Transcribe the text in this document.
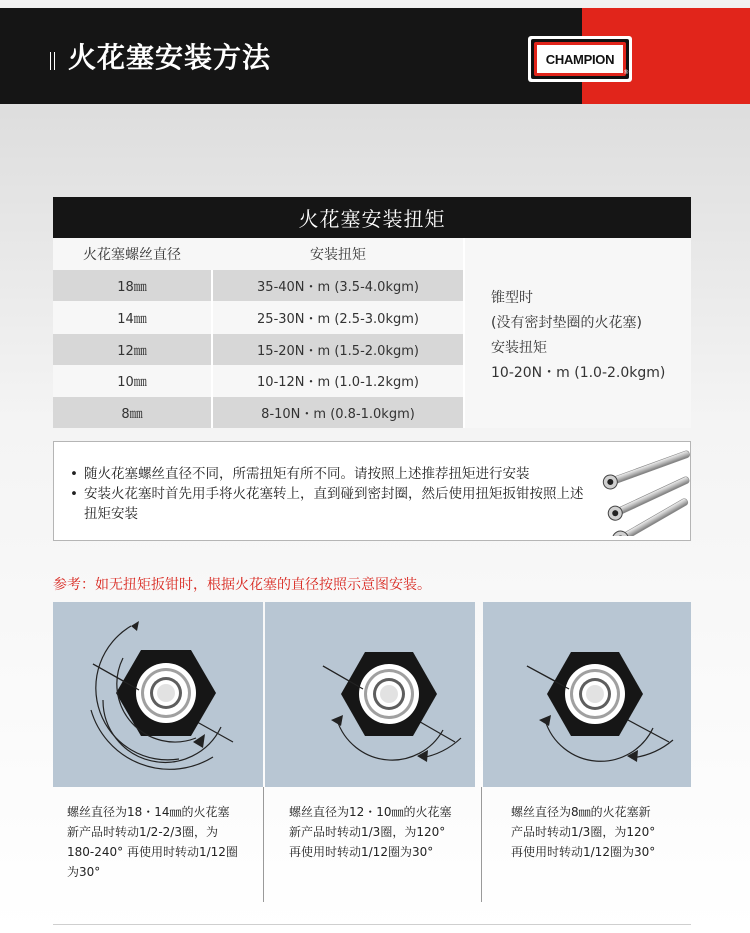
火花塞安装方法	CHAMPION
®
火花塞安装扭矩
火花塞螺丝直径	安装扭矩
18㎜	35-40N・m (3.5-4.0kgm)
14㎜	25-30N・m (2.5-3.0kgm)
12㎜	15-20N・m (1.5-2.0kgm)
10㎜	10-12N・m (1.0-1.2kgm)
8㎜	8-10N・m (0.8-1.0kgm)
锥型时
(没有密封垫圈的火花塞)
安装扭矩
10-20N・m (1.0-2.0kgm)
• 随火花塞螺丝直径不同，所需扭矩有所不同。请按照上述推荐扭矩进行安装
• 安装火花塞时首先用手将火花塞转上，直到碰到密封圈，然后使用扭矩扳钳按照上述扭矩安装
参考：如无扭矩扳钳时，根据火花塞的直径按照示意图安装。
螺丝直径为18・14㎜的火花塞
新产品时转动1/2-2/3圈，为
180-240° 再使用时转动1/12圈
为30°
螺丝直径为12・10㎜的火花塞
新产品时转动1/3圈，为120°
再使用时转动1/12圈为30°
螺丝直径为8㎜的火花塞新
产品时转动1/3圈，为120°
再使用时转动1/12圈为30°
